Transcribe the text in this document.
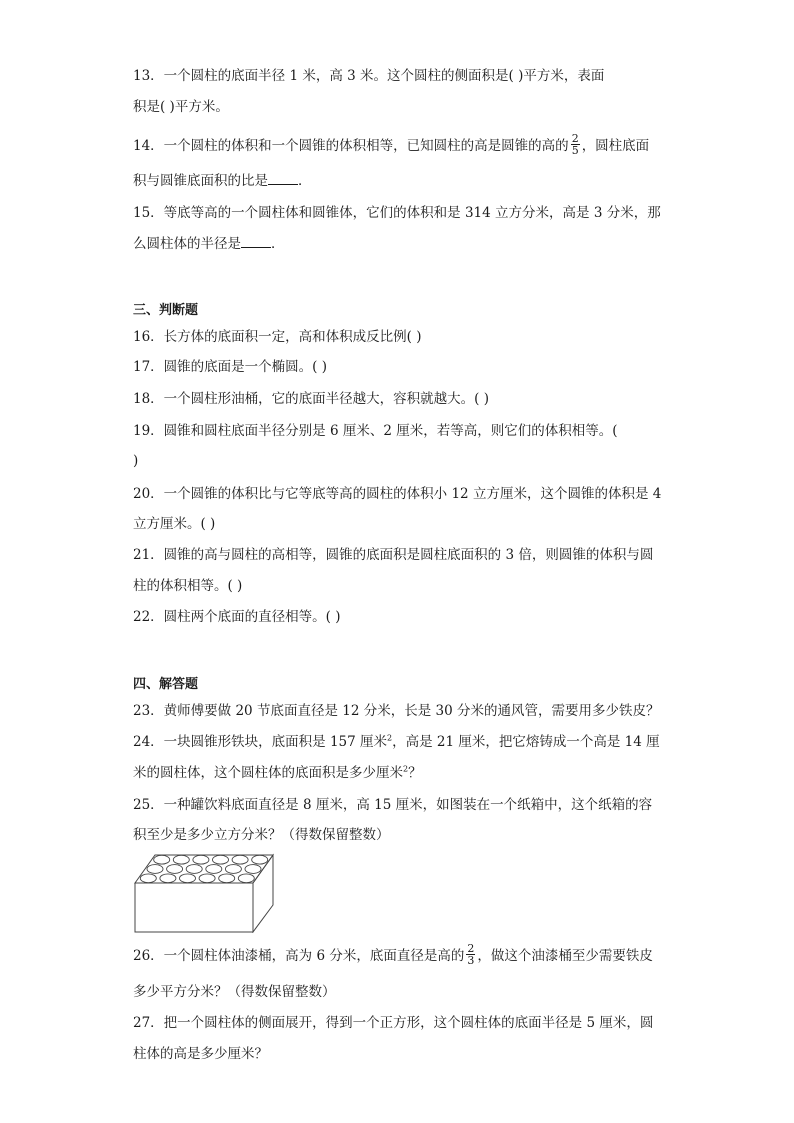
13．一个圆柱的底面半径 1 米，高 3 米。这个圆柱的侧面积是( )平方米，表面
积是( )平方米。
14．一个圆柱的体积和一个圆锥的体积相等，已知圆柱的高是圆锥的高的 $\frac{2}{5}$ ，圆柱底面
积与圆锥底面积的比是 ．
15．等底等高的一个圆柱体和圆锥体，它们的体积和是 314 立方分米，高是 3 分米，那
么圆柱体的半径是 ．
三、判断题
16．长方体的底面积一定，高和体积成反比例( )
17．圆锥的底面是一个椭圆。( )
18．一个圆柱形油桶，它的底面半径越大，容积就越大。( )
19．圆锥和圆柱底面半径分别是 6 厘米、2 厘米，若等高，则它们的体积相等。(
)
20．一个圆锥的体积比与它等底等高的圆柱的体积小 12 立方厘米，这个圆锥的体积是 4
立方厘米。( )
21．圆锥的高与圆柱的高相等，圆锥的底面积是圆柱底面积的 3 倍，则圆锥的体积与圆
柱的体积相等。( )
22．圆柱两个底面的直径相等。( )
四、解答题
23．黄师傅要做 20 节底面直径是 12 分米，长是 30 分米的通风管，需要用多少铁皮？
24．一块圆锥形铁块，底面积是 157 厘米$^2$，高是 21 厘米，把它熔铸成一个高是 14 厘
米的圆柱体，这个圆柱体的底面积是多少厘米$^2$？
25．一种罐饮料底面直径是 8 厘米，高 15 厘米，如图装在一个纸箱中，这个纸箱的容
积至少是多少立方分米？（得数保留整数）
26．一个圆柱体油漆桶，高为 6 分米，底面直径是高的 $\frac{2}{3}$ ，做这个油漆桶至少需要铁皮
多少平方分米？（得数保留整数）
27．把一个圆柱体的侧面展开，得到一个正方形，这个圆柱体的底面半径是 5 厘米，圆
柱体的高是多少厘米？
